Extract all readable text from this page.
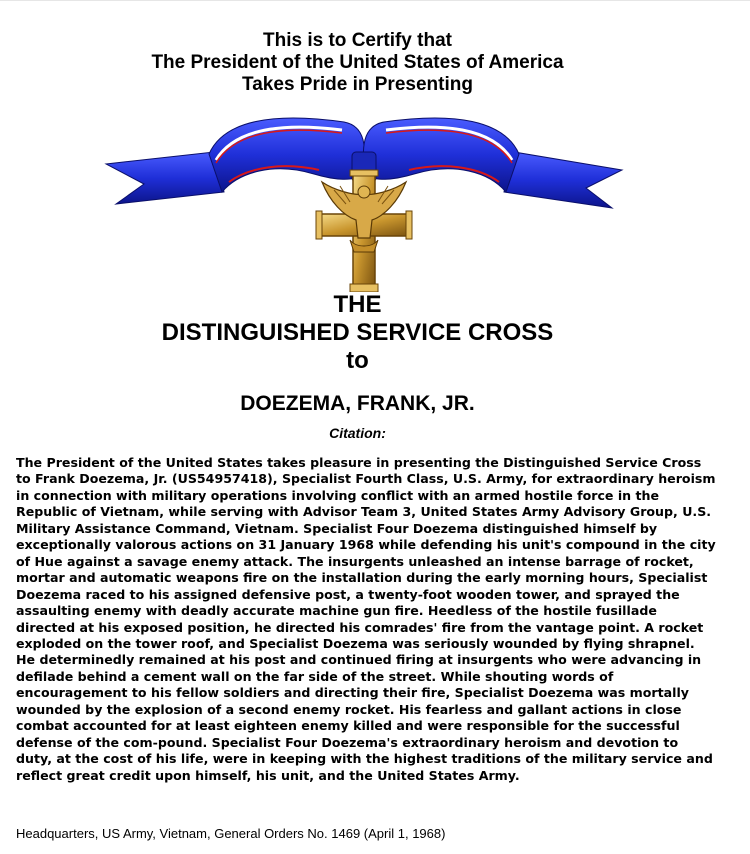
This is to Certify that
The President of the United States of America
Takes Pride in Presenting
THE
DISTINGUISHED SERVICE CROSS
to
DOEZEMA, FRANK, JR.
Citation:

The President of the United States takes pleasure in presenting the Distinguished Service Cross to Frank Doezema, Jr. (US54957418), Specialist Fourth Class, U.S. Army, for extraordinary heroism in connection with military operations involving conflict with an armed hostile force in the Republic of Vietnam, while serving with Advisor Team 3, United States Army Advisory Group, U.S. Military Assistance Command, Vietnam. Specialist Four Doezema distinguished himself by exceptionally valorous actions on 31 January 1968 while defending his unit's compound in the city of Hue against a savage enemy attack. The insurgents unleashed an intense barrage of rocket, mortar and automatic weapons fire on the installation during the early morning hours, Specialist Doezema raced to his assigned defensive post, a twenty-foot wooden tower, and sprayed the assaulting enemy with deadly accurate machine gun fire. Heedless of the hostile fusillade directed at his exposed position, he directed his comrades' fire from the vantage point. A rocket exploded on the tower roof, and Specialist Doezema was seriously wounded by flying shrapnel. He determinedly remained at his post and continued firing at insurgents who were advancing in defilade behind a cement wall on the far side of the street. While shouting words of encouragement to his fellow soldiers and directing their fire, Specialist Doezema was mortally wounded by the explosion of a second enemy rocket. His fearless and gallant actions in close combat accounted for at least eighteen enemy killed and were responsible for the successful defense of the com-pound. Specialist Four Doezema's extraordinary heroism and devotion to duty, at the cost of his life, were in keeping with the highest traditions of the military service and reflect great credit upon himself, his unit, and the United States Army.

Headquarters, US Army, Vietnam, General Orders No. 1469 (April 1, 1968)
